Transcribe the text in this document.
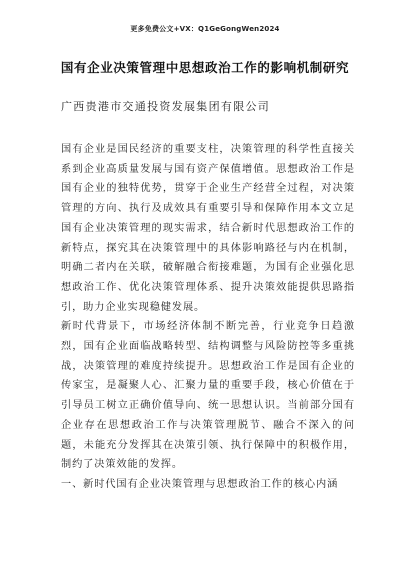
更多免费公文+VX：Q1GeGongWen2024
国有企业决策管理中思想政治工作的影响机制研究
广西贵港市交通投资发展集团有限公司

国有企业是国民经济的重要支柱，决策管理的科学性直接关系到企业高质量发展与国有资产保值增值。思想政治工作是国有企业的独特优势，贯穿于企业生产经营全过程，对决策管理的方向、执行及成效具有重要引导和保障作用本文立足国有企业决策管理的现实需求，结合新时代思想政治工作的新特点，探究其在决策管理中的具体影响路径与内在机制，明确二者内在关联，破解融合衔接难题，为国有企业强化思想政治工作、优化决策管理体系、提升决策效能提供思路指引，助力企业实现稳健发展。

新时代背景下，市场经济体制不断完善，行业竞争日趋激烈，国有企业面临战略转型、结构调整与风险防控等多重挑战，决策管理的难度持续提升。思想政治工作是国有企业的传家宝，是凝聚人心、汇聚力量的重要手段，核心价值在于引导员工树立正确价值导向、统一思想认识。当前部分国有企业存在思想政治工作与决策管理脱节、融合不深入的问题，未能充分发挥其在决策引领、执行保障中的积极作用，制约了决策效能的发挥。

一、新时代国有企业决策管理与思想政治工作的核心内涵
